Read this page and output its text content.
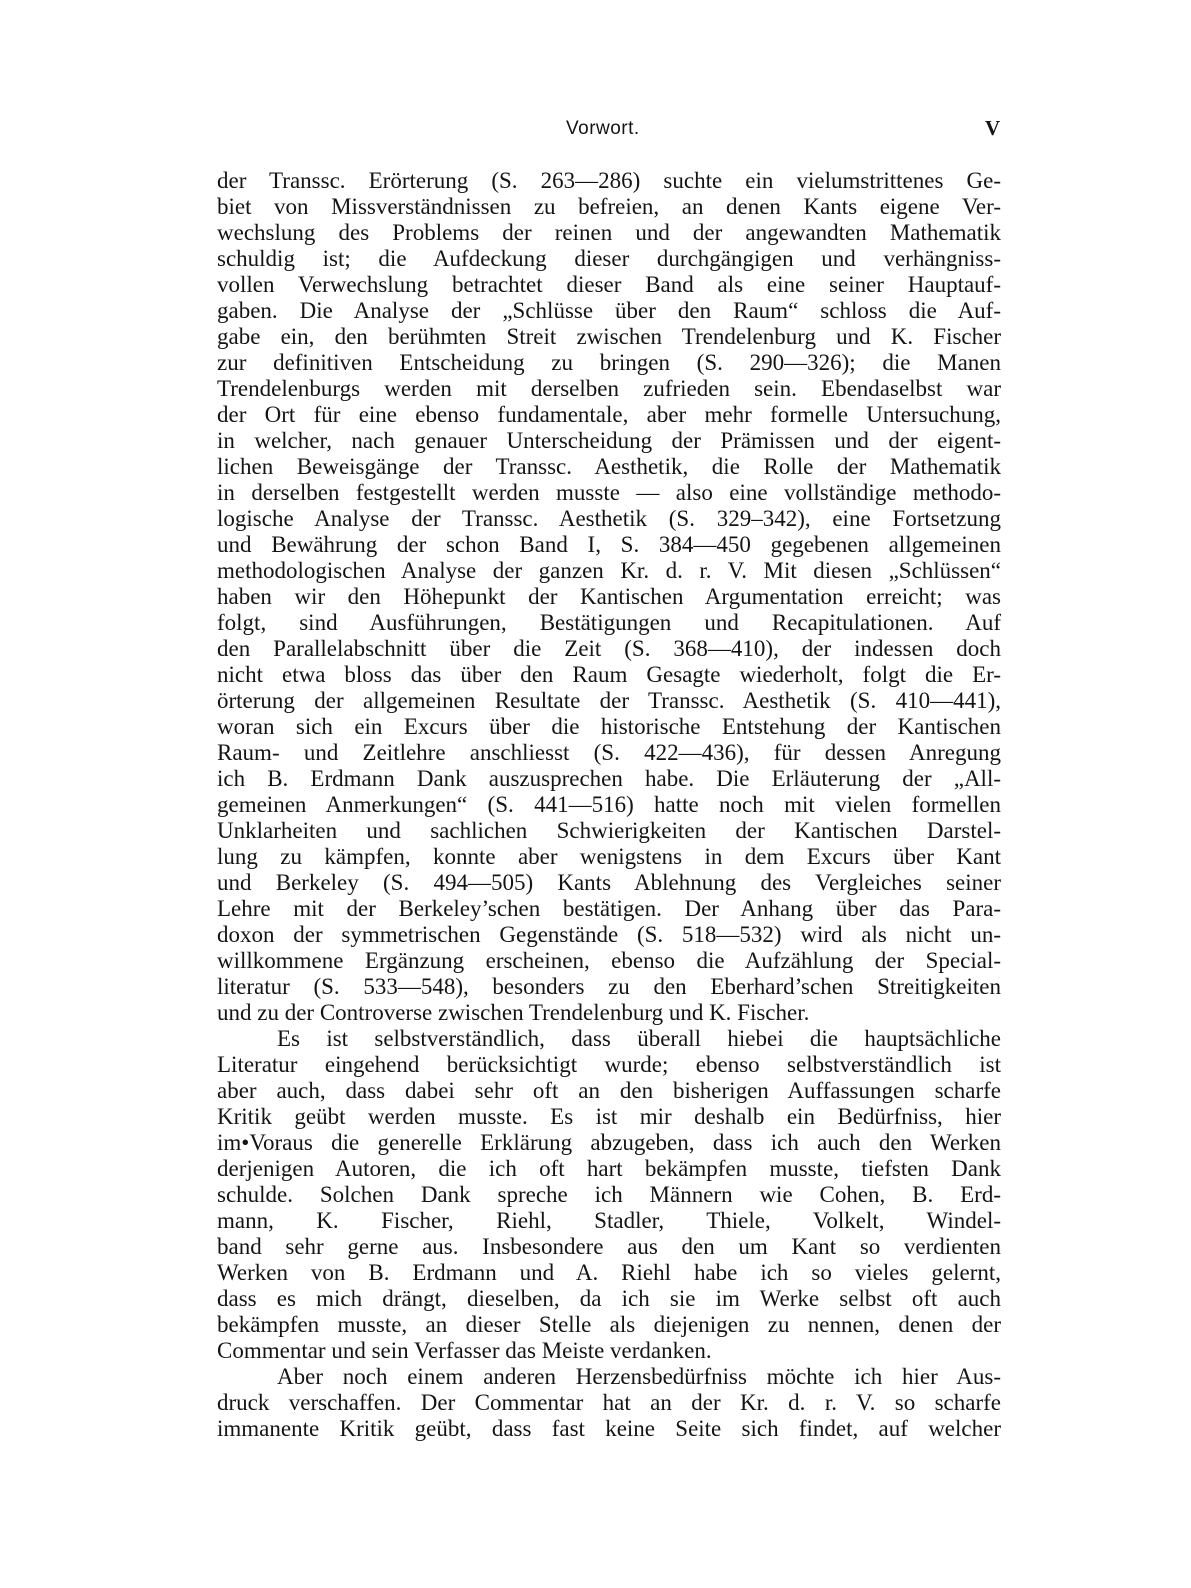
Vorwort.	V
der Transsc. Erörterung (S. 263—286) suchte ein vielumstrittenes Ge-
biet von Missverständnissen zu befreien, an denen Kants eigene Ver-
wechslung des Problems der reinen und der angewandten Mathematik
schuldig ist; die Aufdeckung dieser durchgängigen und verhängniss-
vollen Verwechslung betrachtet dieser Band als eine seiner Hauptauf-
gaben. Die Analyse der „Schlüsse über den Raum“ schloss die Auf-
gabe ein, den berühmten Streit zwischen Trendelenburg und K. Fischer
zur definitiven Entscheidung zu bringen (S. 290—326); die Manen
Trendelenburgs werden mit derselben zufrieden sein. Ebendaselbst war
der Ort für eine ebenso fundamentale, aber mehr formelle Untersuchung,
in welcher, nach genauer Unterscheidung der Prämissen und der eigent-
lichen Beweisgänge der Transsc. Aesthetik, die Rolle der Mathematik
in derselben festgestellt werden musste — also eine vollständige methodo-
logische Analyse der Transsc. Aesthetik (S. 329–342), eine Fortsetzung
und Bewährung der schon Band I, S. 384—450 gegebenen allgemeinen
methodologischen Analyse der ganzen Kr. d. r. V. Mit diesen „Schlüssen“
haben wir den Höhepunkt der Kantischen Argumentation erreicht; was
folgt, sind Ausführungen, Bestätigungen und Recapitulationen. Auf
den Parallelabschnitt über die Zeit (S. 368—410), der indessen doch
nicht etwa bloss das über den Raum Gesagte wiederholt, folgt die Er-
örterung der allgemeinen Resultate der Transsc. Aesthetik (S. 410—441),
woran sich ein Excurs über die historische Entstehung der Kantischen
Raum- und Zeitlehre anschliesst (S. 422—436), für dessen Anregung
ich B. Erdmann Dank auszusprechen habe. Die Erläuterung der „All-
gemeinen Anmerkungen“ (S. 441—516) hatte noch mit vielen formellen
Unklarheiten und sachlichen Schwierigkeiten der Kantischen Darstel-
lung zu kämpfen, konnte aber wenigstens in dem Excurs über Kant
und Berkeley (S. 494—505) Kants Ablehnung des Vergleiches seiner
Lehre mit der Berkeley’schen bestätigen. Der Anhang über das Para-
doxon der symmetrischen Gegenstände (S. 518—532) wird als nicht un-
willkommene Ergänzung erscheinen, ebenso die Aufzählung der Special-
literatur (S. 533—548), besonders zu den Eberhard’schen Streitigkeiten
und zu der Controverse zwischen Trendelenburg und K. Fischer.
Es ist selbstverständlich, dass überall hiebei die hauptsächliche
Literatur eingehend berücksichtigt wurde; ebenso selbstverständlich ist
aber auch, dass dabei sehr oft an den bisherigen Auffassungen scharfe
Kritik geübt werden musste. Es ist mir deshalb ein Bedürfniss, hier
im•Voraus die generelle Erklärung abzugeben, dass ich auch den Werken
derjenigen Autoren, die ich oft hart bekämpfen musste, tiefsten Dank
schulde. Solchen Dank spreche ich Männern wie Cohen, B. Erd-
mann, K. Fischer, Riehl, Stadler, Thiele, Volkelt, Windel-
band sehr gerne aus. Insbesondere aus den um Kant so verdienten
Werken von B. Erdmann und A. Riehl habe ich so vieles gelernt,
dass es mich drängt, dieselben, da ich sie im Werke selbst oft auch
bekämpfen musste, an dieser Stelle als diejenigen zu nennen, denen der
Commentar und sein Verfasser das Meiste verdanken.
Aber noch einem anderen Herzensbedürfniss möchte ich hier Aus-
druck verschaffen. Der Commentar hat an der Kr. d. r. V. so scharfe
immanente Kritik geübt, dass fast keine Seite sich findet, auf welcher
